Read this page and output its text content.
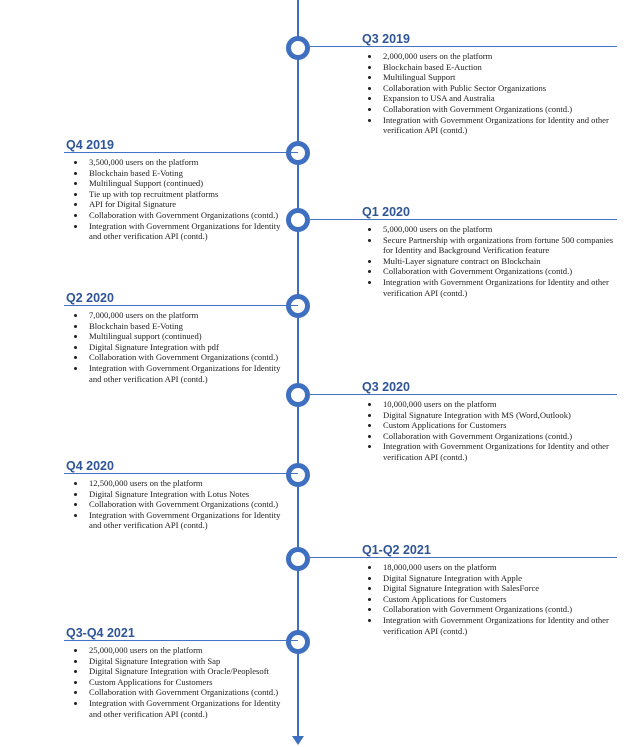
Q3 2019
2,000,000 users on the platform
Blockchain based E-Auction
Multilingual Support
Collaboration with Public Sector Organizations
Expansion to USA and Australia
Collaboration with Government Organizations (contd.)
Integration with Government Organizations for Identity and other verification API (contd.)
Q4 2019
3,500,000 users on the platform
Blockchain based E-Voting
Multilingual Support (continued)
Tie up with top recruitment platforms
API for Digital Signature
Collaboration with Government Organizations (contd.)
Integration with Government Organizations for Identity and other verification API (contd.)
Q1 2020
5,000,000 users on the platform
Secure Partnership with organizations from fortune 500 companies for Identity and Background Verification feature
Multi-Layer signature contract on Blockchain
Collaboration with Government Organizations (contd.)
Integration with Government Organizations for Identity and other verification API (contd.)
Q2 2020
7,000,000 users on the platform
Blockchain based E-Voting
Multilingual support (continued)
Digital Signature Integration with pdf
Collaboration with Government Organizations (contd.)
Integration with Government Organizations for Identity and other verification API (contd.)
Q3 2020
10,000,000 users on the platform
Digital Signature Integration with MS (Word,Outlook)
Custom Applications for Customers
Collaboration with Government Organizations (contd.)
Integration with Government Organizations for Identity and other verification API (contd.)
Q4 2020
12,500,000 users on the platform
Digital Signature Integration with Lotus Notes
Collaboration with Government Organizations (contd.)
Integration with Government Organizations for Identity and other verification API (contd.)
Q1-Q2 2021
18,000,000 users on the platform
Digital Signature Integration with Apple
Digital Signature Integration with SalesForce
Custom Applications for Customers
Collaboration with Government Organizations (contd.)
Integration with Government Organizations for Identity and other verification API (contd.)
Q3-Q4 2021
25,000,000 users on the platform
Digital Signature Integration with Sap
Digital Signature Integration with Oracle/Peoplesoft
Custom Applications for Customers
Collaboration with Government Organizations (contd.)
Integration with Government Organizations for Identity and other verification API (contd.)
